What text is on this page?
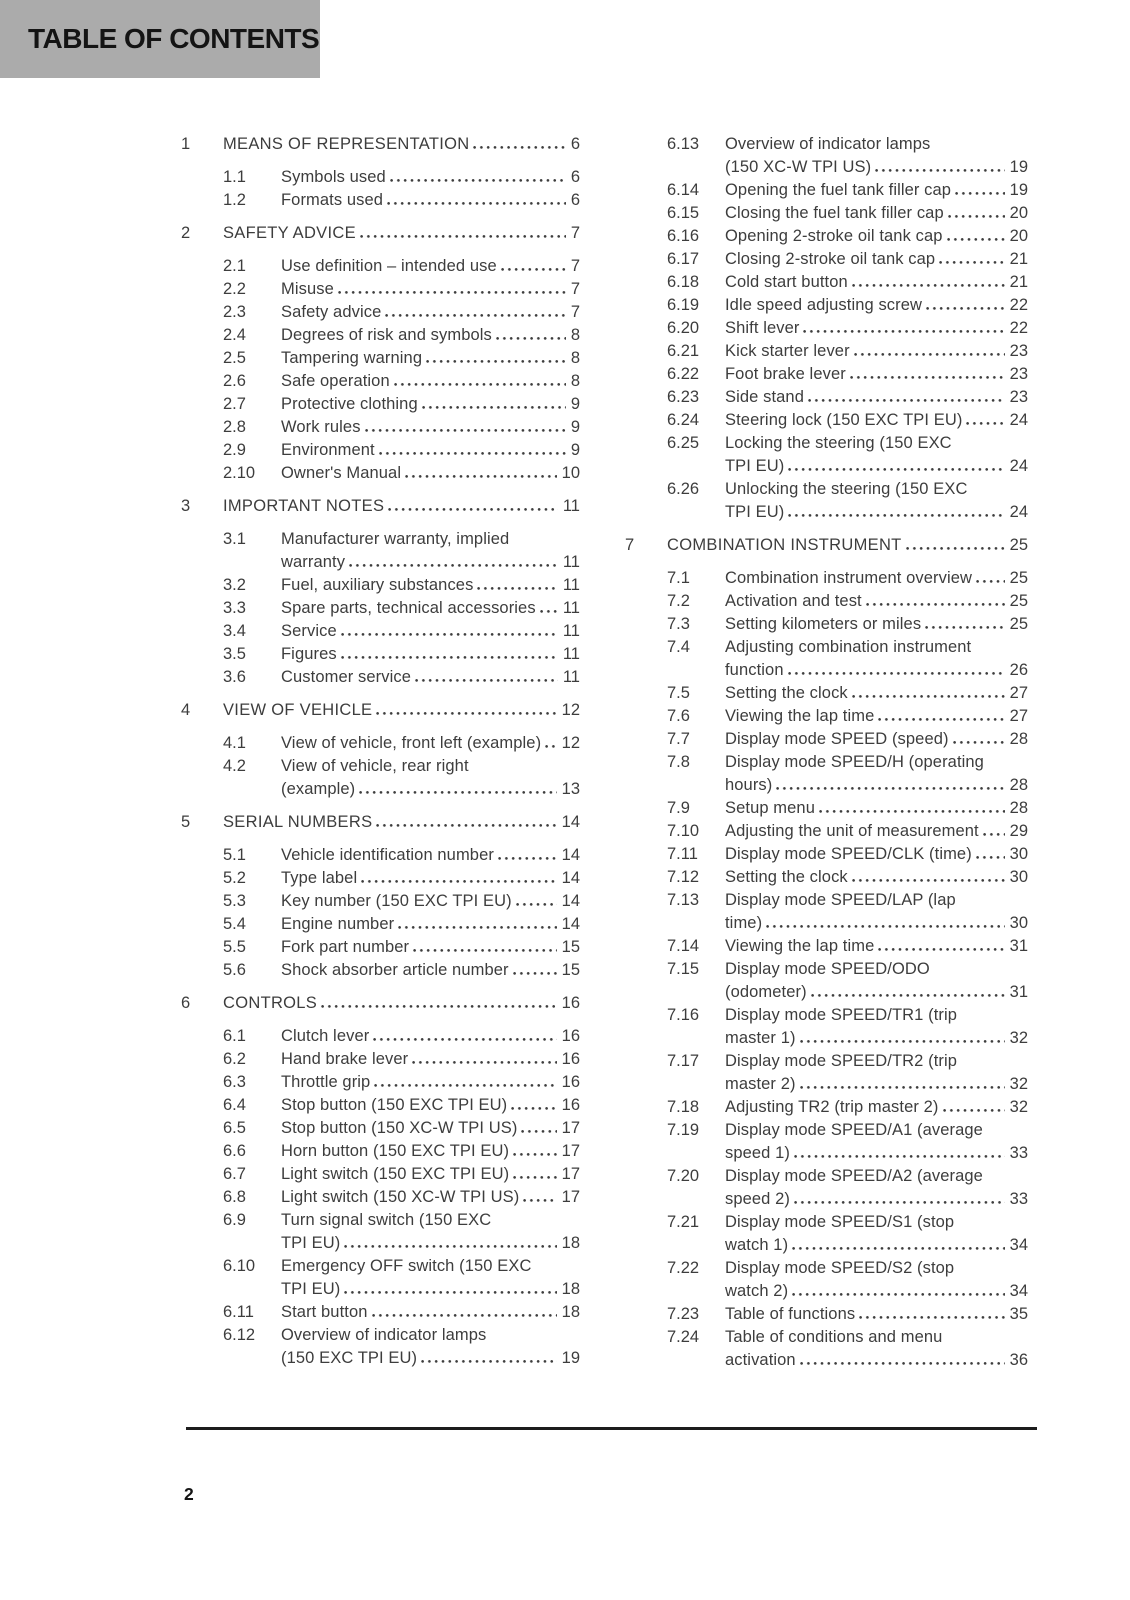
TABLE OF CONTENTS
1	MEANS OF REPRESENTATION	6
1.1	Symbols used	6
1.2	Formats used	6
2	SAFETY ADVICE	7
2.1	Use definition – intended use	7
2.2	Misuse	7
2.3	Safety advice	7
2.4	Degrees of risk and symbols	8
2.5	Tampering warning	8
2.6	Safe operation	8
2.7	Protective clothing	9
2.8	Work rules	9
2.9	Environment	9
2.10	Owner's Manual	10
3	IMPORTANT NOTES	11
3.1	Manufacturer warranty, implied
warranty	11
3.2	Fuel, auxiliary substances	11
3.3	Spare parts, technical accessories 11
3.4	Service	11
3.5	Figures	11
3.6	Customer service	11
4	VIEW OF VEHICLE	12
4.1	View of vehicle, front left (example) 12
4.2	View of vehicle, rear right
(example)	13
5	SERIAL NUMBERS	14
5.1	Vehicle identification number	14
5.2	Type label	14
5.3	Key number (150 EXC TPI EU)	14
5.4	Engine number	14
5.5	Fork part number	15
5.6	Shock absorber article number	15
6	CONTROLS	16
6.1	Clutch lever	16
6.2	Hand brake lever	16
6.3	Throttle grip	16
6.4	Stop button (150 EXC TPI EU)	16
6.5	Stop button (150 XC-W TPI US)	17
6.6	Horn button (150 EXC TPI EU)	17
6.7	Light switch (150 EXC TPI EU)	17
6.8	Light switch (150 XC-W TPI US)	17
6.9	Turn signal switch (150 EXC
TPI EU)	18
6.10	Emergency OFF switch (150 EXC
TPI EU)	18
6.11	Start button	18
6.12	Overview of indicator lamps
(150 EXC TPI EU)	19
6.13	Overview of indicator lamps
(150 XC-W TPI US)	19
6.14	Opening the fuel tank filler cap	19
6.15	Closing the fuel tank filler cap	20
6.16	Opening 2-stroke oil tank cap	20
6.17	Closing 2-stroke oil tank cap	21
6.18	Cold start button	21
6.19	Idle speed adjusting screw	22
6.20	Shift lever	22
6.21	Kick starter lever	23
6.22	Foot brake lever	23
6.23	Side stand	23
6.24	Steering lock (150 EXC TPI EU)	24
6.25	Locking the steering (150 EXC
TPI EU)	24
6.26	Unlocking the steering (150 EXC
TPI EU)	24
7	COMBINATION INSTRUMENT	25
7.1	Combination instrument overview 25
7.2	Activation and test	25
7.3	Setting kilometers or miles	25
7.4	Adjusting combination instrument
function	26
7.5	Setting the clock	27
7.6	Viewing the lap time	27
7.7	Display mode SPEED (speed)	28
7.8	Display mode SPEED/H (operating
hours)	28
7.9	Setup menu	28
7.10	Adjusting the unit of measurement 29
7.11	Display mode SPEED/CLK (time) 30
7.12	Setting the clock	30
7.13	Display mode SPEED/LAP (lap
time)	30
7.14	Viewing the lap time	31
7.15	Display mode SPEED/ODO
(odometer)	31
7.16	Display mode SPEED/TR1 (trip
master 1)	32
7.17	Display mode SPEED/TR2 (trip
master 2)	32
7.18	Adjusting TR2 (trip master 2)	32
7.19	Display mode SPEED/A1 (average
speed 1)	33
7.20	Display mode SPEED/A2 (average
speed 2)	33
7.21	Display mode SPEED/S1 (stop
watch 1)	34
7.22	Display mode SPEED/S2 (stop
watch 2)	34
7.23	Table of functions	35
7.24	Table of conditions and menu
activation	36
2
